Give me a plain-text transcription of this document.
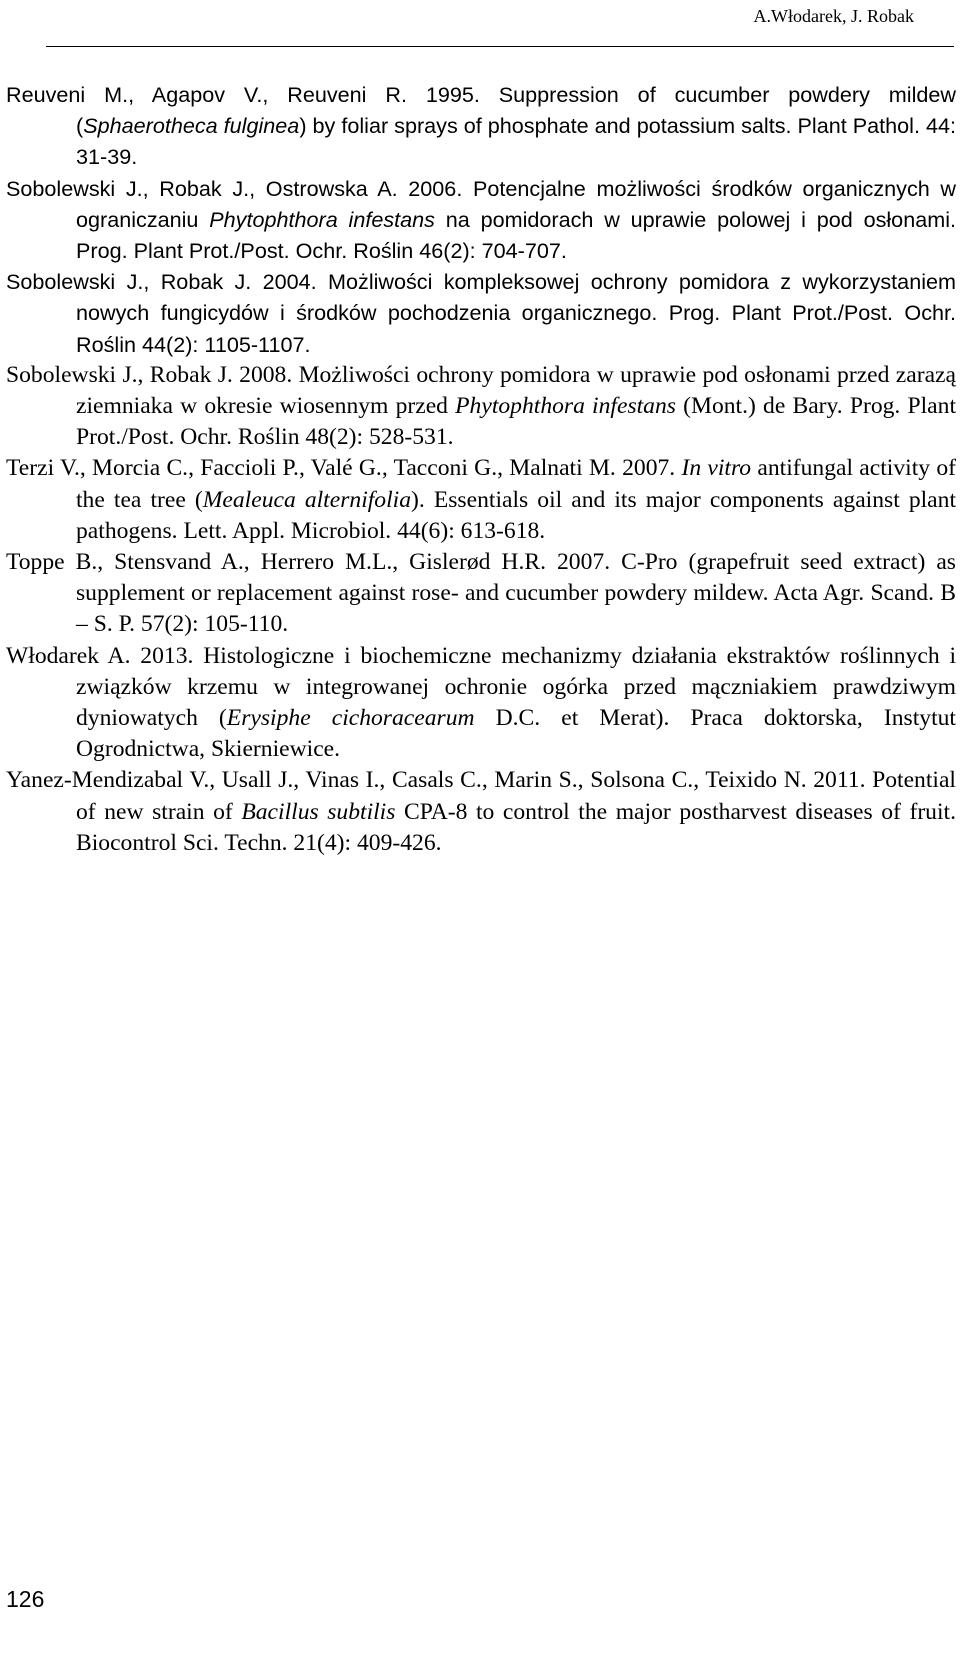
A.Włodarek, J. Robak

Reuveni M., Agapov V., Reuveni R. 1995. Suppression of cucumber powdery mildew (Sphaerotheca fulginea) by foliar sprays of phosphate and potassium salts. Plant Pathol. 44: 31-39.

Sobolewski J., Robak J., Ostrowska A. 2006. Potencjalne możliwości środków organicznych w ograniczaniu Phytophthora infestans na pomidorach w uprawie polowej i pod osłonami. Prog. Plant Prot./Post. Ochr. Roślin 46(2): 704-707.

Sobolewski J., Robak J. 2004. Możliwości kompleksowej ochrony pomidora z wykorzystaniem nowych fungicydów i środków pochodzenia organicznego. Prog. Plant Prot./Post. Ochr. Roślin 44(2): 1105-1107.

Sobolewski J., Robak J. 2008. Możliwości ochrony pomidora w uprawie pod osłonami przed zarazą ziemniaka w okresie wiosennym przed Phytophthora infestans (Mont.) de Bary. Prog. Plant Prot./Post. Ochr. Roślin 48(2): 528-531.

Terzi V., Morcia C., Faccioli P., Valé G., Tacconi G., Malnati M. 2007. In vitro antifungal activity of the tea tree (Mealeuca alternifolia). Essentials oil and its major components against plant pathogens. Lett. Appl. Microbiol. 44(6): 613-618.

Toppe B., Stensvand A., Herrero M.L., Gislerød H.R. 2007. C-Pro (grapefruit seed extract) as supplement or replacement against rose- and cucumber powdery mildew. Acta Agr. Scand. B – S. P. 57(2): 105-110.

Włodarek A. 2013. Histologiczne i biochemiczne mechanizmy działania ekstraktów roślinnych i związków krzemu w integrowanej ochronie ogórka przed mączniakiem prawdziwym dyniowatych (Erysiphe cichoracearum D.C. et Merat). Praca doktorska, Instytut Ogrodnictwa, Skierniewice.

Yanez-Mendizabal V., Usall J., Vinas I., Casals C., Marin S., Solsona C., Teixido N. 2011. Potential of new strain of Bacillus subtilis CPA-8 to control the major postharvest diseases of fruit. Biocontrol Sci. Techn. 21(4): 409-426.

126
